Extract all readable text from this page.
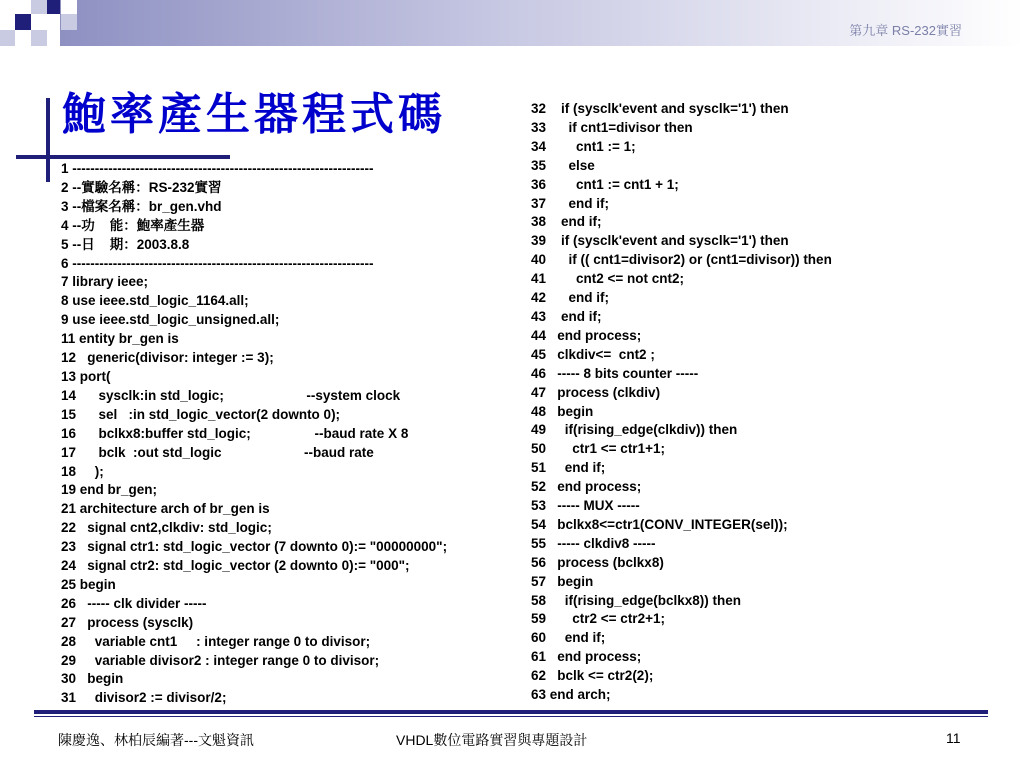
第九章 RS-232實習
鮑率產生器程式碼
1 -------------------------------------------------------------------
2 --實驗名稱：RS-232實習
3 --檔案名稱：br_gen.vhd
4 --功    能：鮑率產生器
5 --日    期：2003.8.8
6 -------------------------------------------------------------------
7 library ieee;
8 use ieee.std_logic_1164.all;
9 use ieee.std_logic_unsigned.all;
11 entity br_gen is
12   generic(divisor: integer := 3);
13 port(
14      sysclk:in std_logic;                      --system clock
15      sel   :in std_logic_vector(2 downto 0);
16      bclkx8:buffer std_logic;                 --baud rate X 8
17      bclk  :out std_logic                      --baud rate
18     );
19 end br_gen;
21 architecture arch of br_gen is
22   signal cnt2,clkdiv: std_logic;
23   signal ctr1: std_logic_vector (7 downto 0):= "00000000";
24   signal ctr2: std_logic_vector (2 downto 0):= "000";
25 begin
26   ----- clk divider -----
27   process (sysclk)
28     variable cnt1     : integer range 0 to divisor;
29     variable divisor2 : integer range 0 to divisor;
30   begin
31     divisor2 := divisor/2;
32    if (sysclk'event and sysclk='1') then
33      if cnt1=divisor then
34        cnt1 := 1;
35      else
36        cnt1 := cnt1 + 1;
37      end if;
38    end if;
39    if (sysclk'event and sysclk='1') then
40      if (( cnt1=divisor2) or (cnt1=divisor)) then
41        cnt2 <= not cnt2;
42      end if;
43    end if;
44   end process;
45   clkdiv<=  cnt2 ;
46   ----- 8 bits counter -----
47   process (clkdiv)
48   begin
49     if(rising_edge(clkdiv)) then
50       ctr1 <= ctr1+1;
51     end if;
52   end process;
53   ----- MUX -----
54   bclkx8<=ctr1(CONV_INTEGER(sel));
55   ----- clkdiv8 -----
56   process (bclkx8)
57   begin
58     if(rising_edge(bclkx8)) then
59       ctr2 <= ctr2+1;
60     end if;
61   end process;
62   bclk <= ctr2(2);
63 end arch;
陳慶逸、林柏辰編著---文魁資訊	VHDL數位電路實習與專題設計	11
